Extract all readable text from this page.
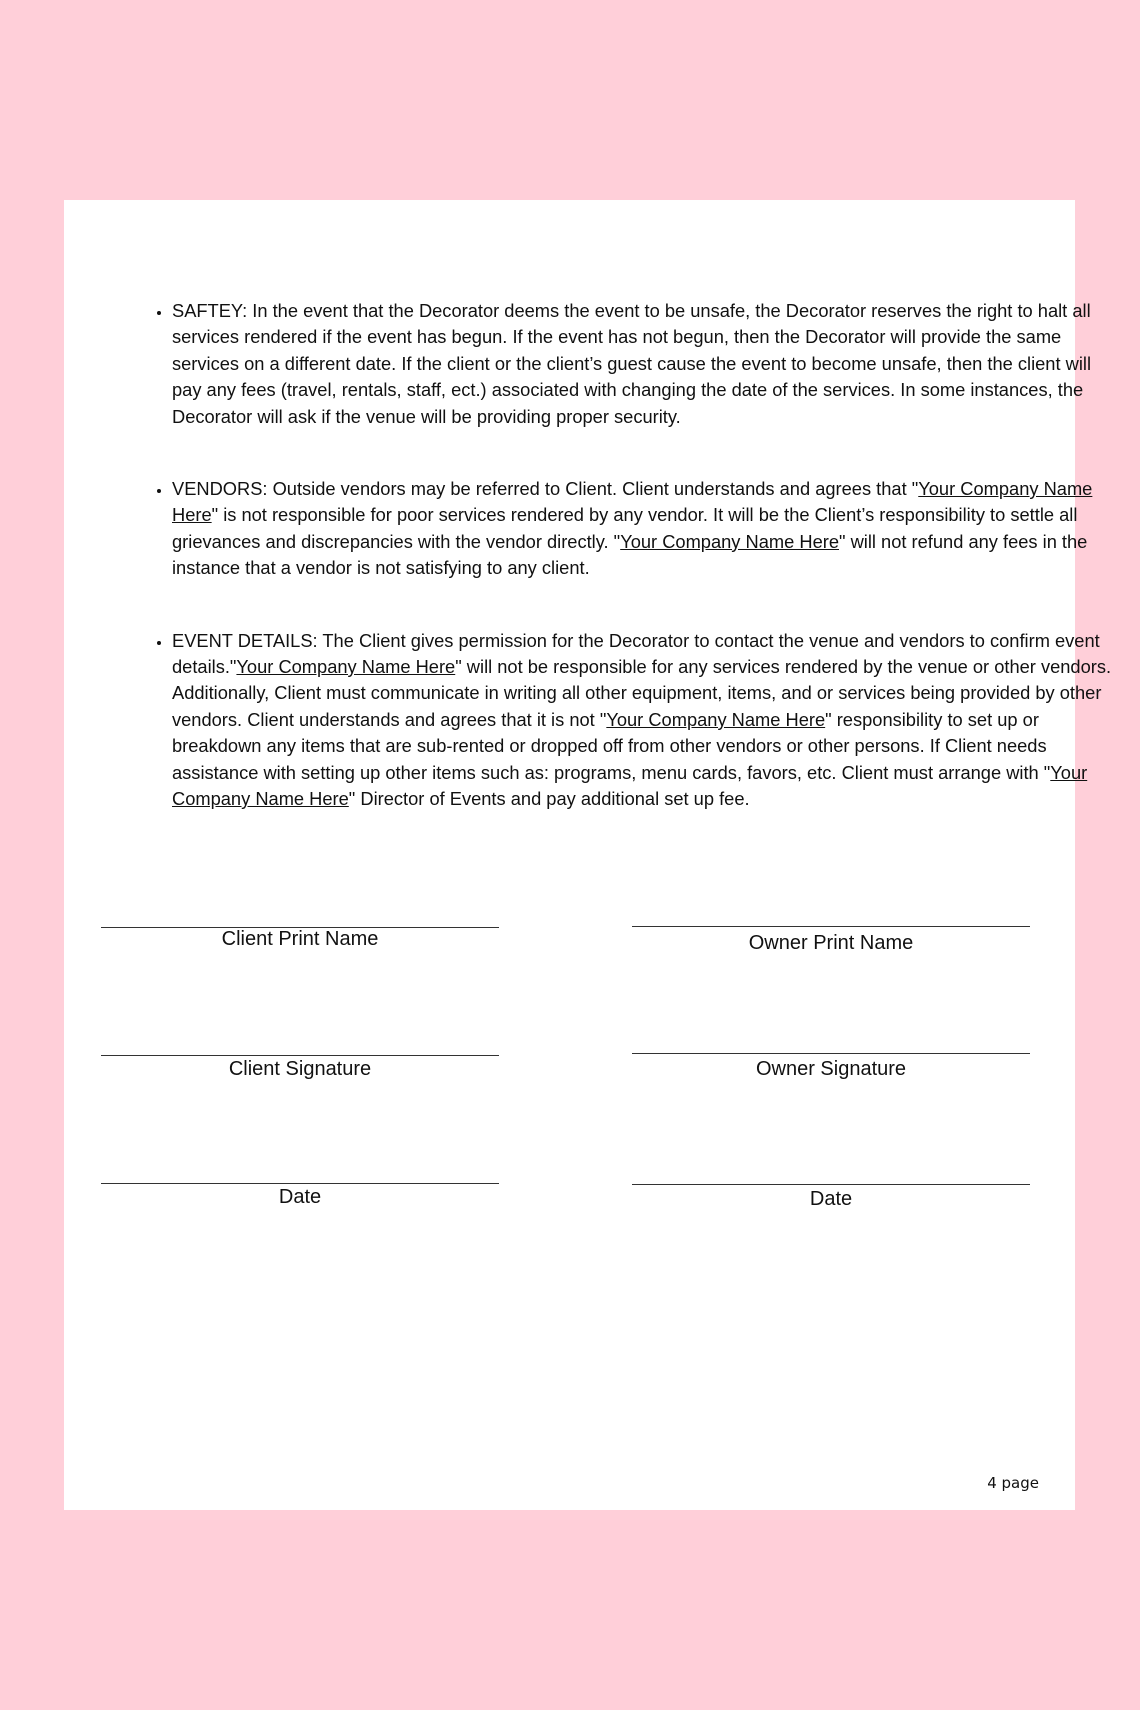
• SAFTEY: In the event that the Decorator deems the event to be unsafe, the Decorator reserves the right to halt all services rendered if the event has begun. If the event has not begun, then the Decorator will provide the same services on a different date. If the client or the client’s guest cause the event to become unsafe, then the client will pay any fees (travel, rentals, staff, ect.) associated with changing the date of the services. In some instances, the Decorator will ask if the venue will be providing proper security.
• VENDORS: Outside vendors may be referred to Client. Client understands and agrees that "Your Company Name Here" is not responsible for poor services rendered by any vendor. It will be the Client’s responsibility to settle all grievances and discrepancies with the vendor directly. "Your Company Name Here" will not refund any fees in the instance that a vendor is not satisfying to any client.
• EVENT DETAILS: The Client gives permission for the Decorator to contact the venue and vendors to confirm event details."Your Company Name Here" will not be responsible for any services rendered by the venue or other vendors. Additionally, Client must communicate in writing all other equipment, items, and or services being provided by other vendors. Client understands and agrees that it is not "Your Company Name Here" responsibility to set up or breakdown any items that are sub-rented or dropped off from other vendors or other persons. If Client needs assistance with setting up other items such as: programs, menu cards, favors, etc. Client must arrange with "Your Company Name Here" Director of Events and pay additional set up fee.
Client Print Name	Owner Print Name
Client Signature	Owner Signature
Date	Date
4 page
